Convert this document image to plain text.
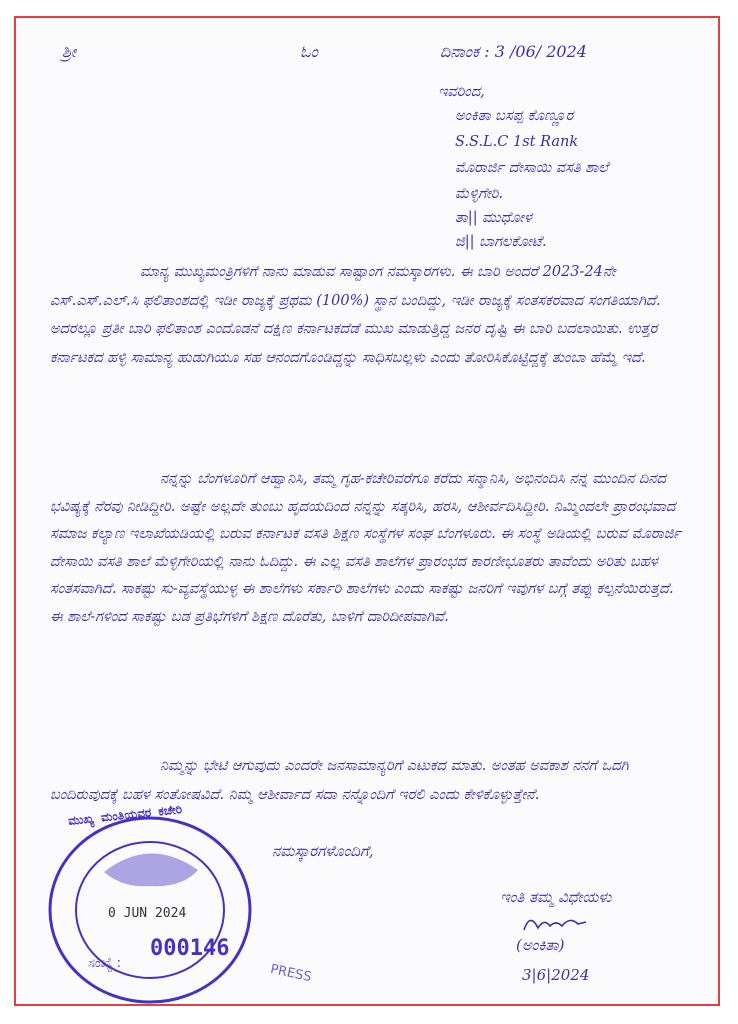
ಶ್ರೀ	ಓಂ	ದಿನಾಂಕ : 3 /06/ 2024
ಇವರಿಂದ,
ಅಂಕಿತಾ ಬಸಪ್ಪ ಕೊಣ್ಣೂರ
S.S.L.C 1st Rank
ಮೊರಾರ್ಜಿ ದೇಸಾಯಿ ವಸತಿ ಶಾಲೆ
ಮೆಳ್ಳಿಗೇರಿ.
ತಾ|| ಮುಧೋಳ
ಜಿ|| ಬಾಗಲಕೋಟೆ.

ಮಾನ್ಯ ಮುಖ್ಯಮಂತ್ರಿಗಳಿಗೆ ನಾನು ಮಾಡುವ ಸಾಷ್ಟಾಂಗ ನಮಸ್ಕಾರಗಳು. ಈ ಬಾರಿ ಅಂದರೆ 2023-24ನೇ ಎಸ್.ಎಸ್.ಎಲ್.ಸಿ ಫಲಿತಾಂಶದಲ್ಲಿ ಇಡೀ ರಾಜ್ಯಕ್ಕೆ ಪ್ರಥಮ (100%) ಸ್ಥಾನ ಬಂದಿದ್ದು, ಇಡೀ ರಾಜ್ಯಕ್ಕೆ ಸಂತಸಕರವಾದ ಸಂಗತಿಯಾಗಿದೆ. ಅದರಲ್ಲೂ ಪ್ರತೀ ಬಾರಿ ಫಲಿತಾಂಶ ಎಂದೊಡನೆ ದಕ್ಷಿಣ ಕರ್ನಾಟಕದೆಡೆ ಮುಖ ಮಾಡುತ್ತಿದ್ದ ಜನರ ದೃಷ್ಟಿ ಈ ಬಾರಿ ಬದಲಾಯಿತು. ಉತ್ತರ ಕರ್ನಾಟಕದ ಹಳ್ಳಿ ಸಾಮಾನ್ಯ ಹುಡುಗಿಯೂ ಸಹ ಆನಂದಗೊಂಡಿದ್ದನ್ನು ಸಾಧಿಸಬಲ್ಲಳು ಎಂದು ತೋರಿಸಿಕೊಟ್ಟಿದ್ದಕ್ಕೆ ತುಂಬಾ ಹೆಮ್ಮೆ ಇದೆ.

ನನ್ನನ್ನು ಬೆಂಗಳೂರಿಗೆ ಆಹ್ವಾನಿಸಿ, ತಮ್ಮ ಗೃಹ-ಕಚೇರಿವರೆಗೂ ಕರೆದು ಸನ್ಮಾನಿಸಿ, ಅಭಿನಂದಿಸಿ ನನ್ನ ಮುಂದಿನ ದಿನದ ಭವಿಷ್ಯಕ್ಕೆ ನೆರವು ನೀಡಿದ್ದೀರಿ. ಅಷ್ಟೇ ಅಲ್ಲದೇ ತುಂಬು ಹೃದಯದಿಂದ ನನ್ನನ್ನು ಸತ್ಕರಿಸಿ, ಹರಸಿ, ಆಶೀರ್ವದಿಸಿದ್ದೀರಿ. ನಿಮ್ಮಿಂದಲೇ ಪ್ರಾರಂಭವಾದ ಸಮಾಜ ಕಲ್ಯಾಣ ಇಲಾಖೆಯಡಿಯಲ್ಲಿ ಬರುವ ಕರ್ನಾಟಕ ವಸತಿ ಶಿಕ್ಷಣ ಸಂಸ್ಥೆಗಳ ಸಂಘ ಬೆಂಗಳೂರು. ಈ ಸಂಸ್ಥೆ ಅಡಿಯಲ್ಲಿ ಬರುವ ಮೊರಾರ್ಜಿ ದೇಸಾಯಿ ವಸತಿ ಶಾಲೆ ಮೆಳ್ಳಿಗೇರಿಯಲ್ಲಿ ನಾನು ಓದಿದ್ದು. ಈ ಎಲ್ಲ ವಸತಿ ಶಾಲೆಗಳ ಪ್ರಾರಂಭದ ಕಾರಣೀಭೂತರು ತಾವೆಂದು ಅರಿತು ಬಹಳ ಸಂತಸವಾಗಿದೆ. ಸಾಕಷ್ಟು ಸು-ವ್ಯವಸ್ಥೆಯುಳ್ಳ ಈ ಶಾಲೆಗಳು ಸರ್ಕಾರಿ ಶಾಲೆಗಳು ಎಂದು ಸಾಕಷ್ಟು ಜನರಿಗೆ ಇವುಗಳ ಬಗ್ಗೆ ತಪ್ಪು ಕಲ್ಪನೆಯಿರುತ್ತದೆ. ಈ ಶಾಲೆ-ಗಳಿಂದ ಸಾಕಷ್ಟು ಬಡ ಪ್ರತಿಭೆಗಳಿಗೆ ಶಿಕ್ಷಣ ದೊರೆತು, ಬಾಳಿಗೆ ದಾರಿದೀಪವಾಗಿವೆ.

ನಿಮ್ಮನ್ನು ಭೇಟಿ ಆಗುವುದು ಎಂದರೇ ಜನಸಾಮಾನ್ಯರಿಗೆ ಎಟುಕದ ಮಾತು. ಅಂತಹ ಅವಕಾಶ ನನಗೆ ಒದಗಿ ಬಂದಿರುವುದಕ್ಕೆ ಬಹಳ ಸಂತೋಷವಿದೆ. ನಿಮ್ಮ ಆಶೀರ್ವಾದ ಸದಾ ನನ್ನೊಂದಿಗೆ ಇರಲಿ ಎಂದು ಕೇಳಿಕೊಳ್ಳುತ್ತೇನೆ.

ನಮಸ್ಕಾರಗಳೊಂದಿಗೆ,
ಮುಖ್ಯ ಮಂತ್ರಿಯವರ ಕಚೇರಿ
0 JUN 2024
ಸಂಖ್ಯೆ :
000146
PRESS
ಇಂತಿ ತಮ್ಮ ವಿಧೇಯಳು
(ಅಂಕಿತಾ)
3|6|2024
